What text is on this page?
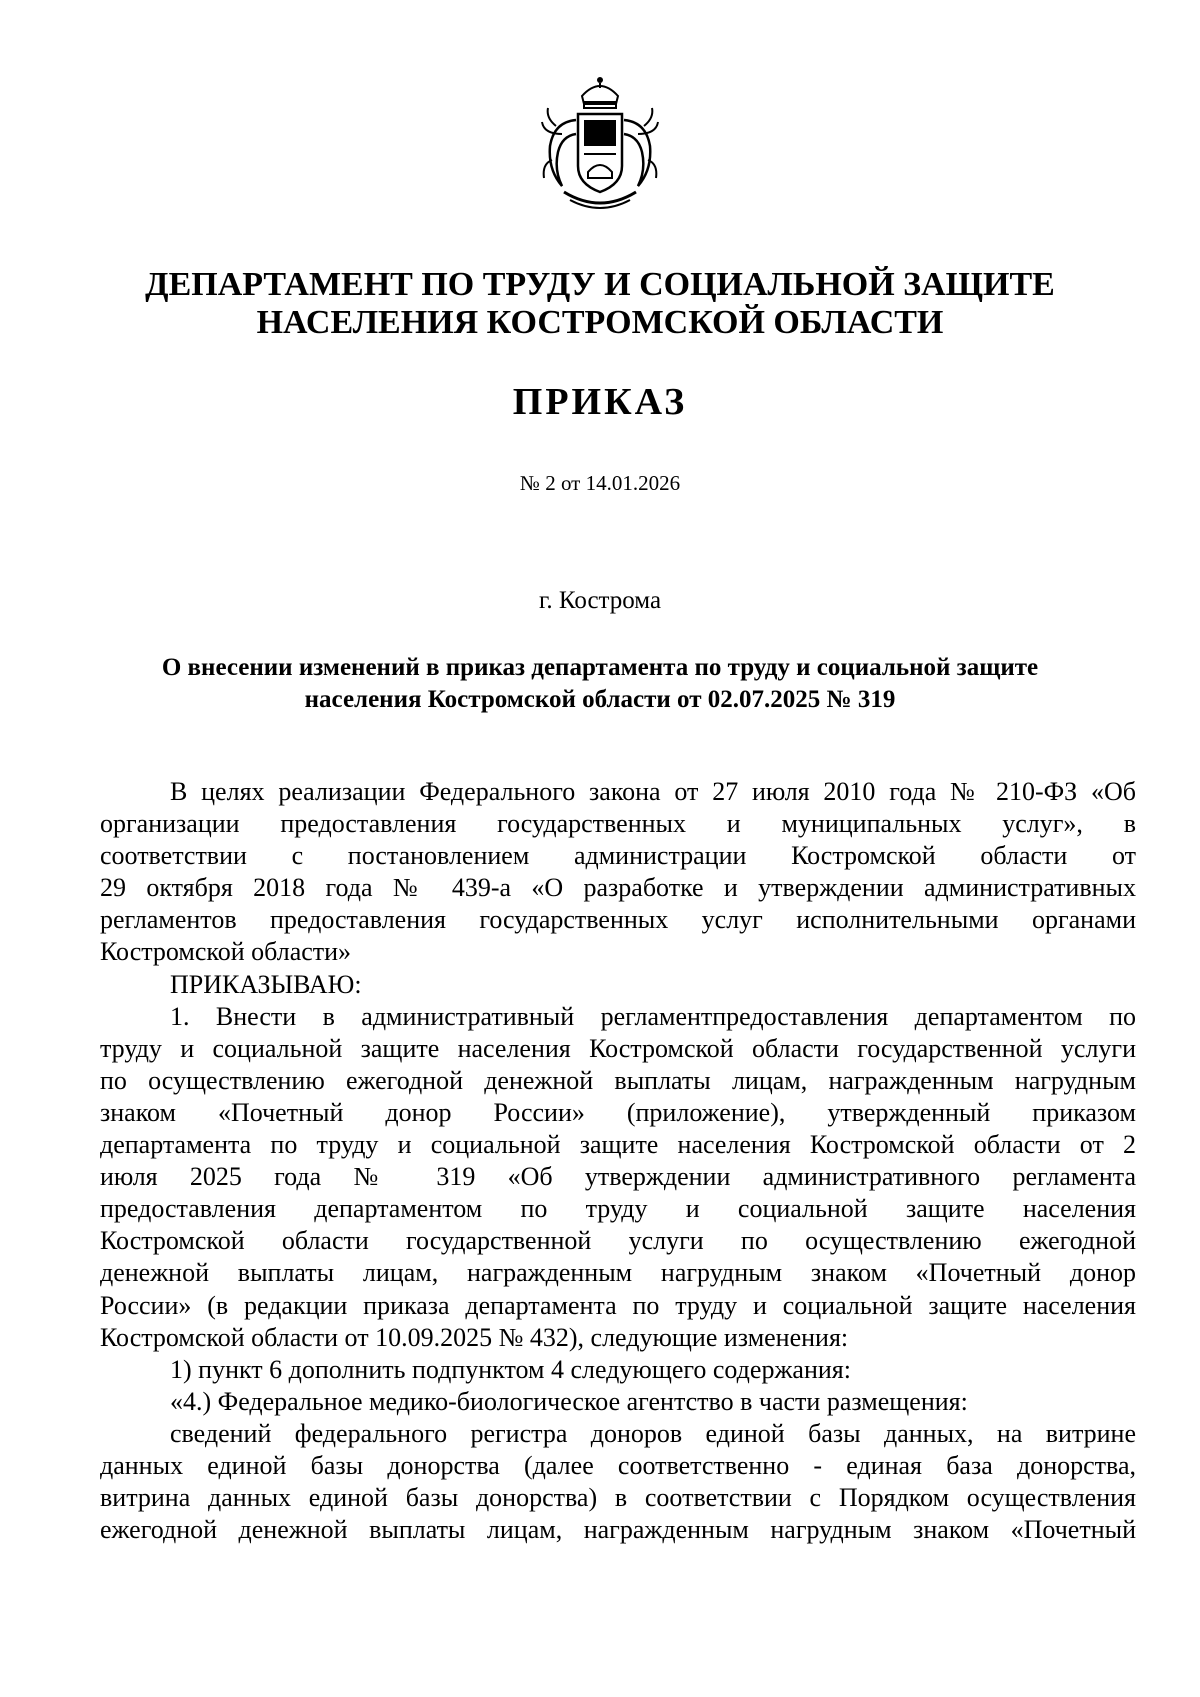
ДЕПАРТАМЕНТ ПО ТРУДУ И СОЦИАЛЬНОЙ ЗАЩИТЕ
НАСЕЛЕНИЯ КОСТРОМСКОЙ ОБЛАСТИ
ПРИКАЗ
№ 2 от 14.01.2026
г. Кострома
О внесении изменений в приказ департамента по труду и социальной защите
населения Костромской области от 02.07.2025 № 319
В целях реализации Федерального закона от 27 июля 2010 года № 210-ФЗ «Об
организации предоставления государственных и муниципальных услуг», в
соответствии с постановлением администрации Костромской области от
29 октября 2018 года № 439-а «О разработке и утверждении административных
регламентов предоставления государственных услуг исполнительными органами
Костромской области»
ПРИКАЗЫВАЮ:
1. Внести в административный регламентпредоставления департаментом по
труду и социальной защите населения Костромской области государственной услуги
по осуществлению ежегодной денежной выплаты лицам, награжденным нагрудным
знаком «Почетный донор России» (приложение), утвержденный приказом
департамента по труду и социальной защите населения Костромской области от 2
июля 2025 года № 319 «Об утверждении административного регламента
предоставления департаментом по труду и социальной защите населения
Костромской области государственной услуги по осуществлению ежегодной
денежной выплаты лицам, награжденным нагрудным знаком «Почетный донор
России» (в редакции приказа департамента по труду и социальной защите населения
Костромской области от 10.09.2025 № 432), следующие изменения:
1) пункт 6 дополнить подпунктом 4 следующего содержания:
«4.) Федеральное медико-биологическое агентство в части размещения:
сведений федерального регистра доноров единой базы данных, на витрине
данных единой базы донорства (далее соответственно - единая база донорства,
витрина данных единой базы донорства) в соответствии с Порядком осуществления
ежегодной денежной выплаты лицам, награжденным нагрудным знаком «Почетный
